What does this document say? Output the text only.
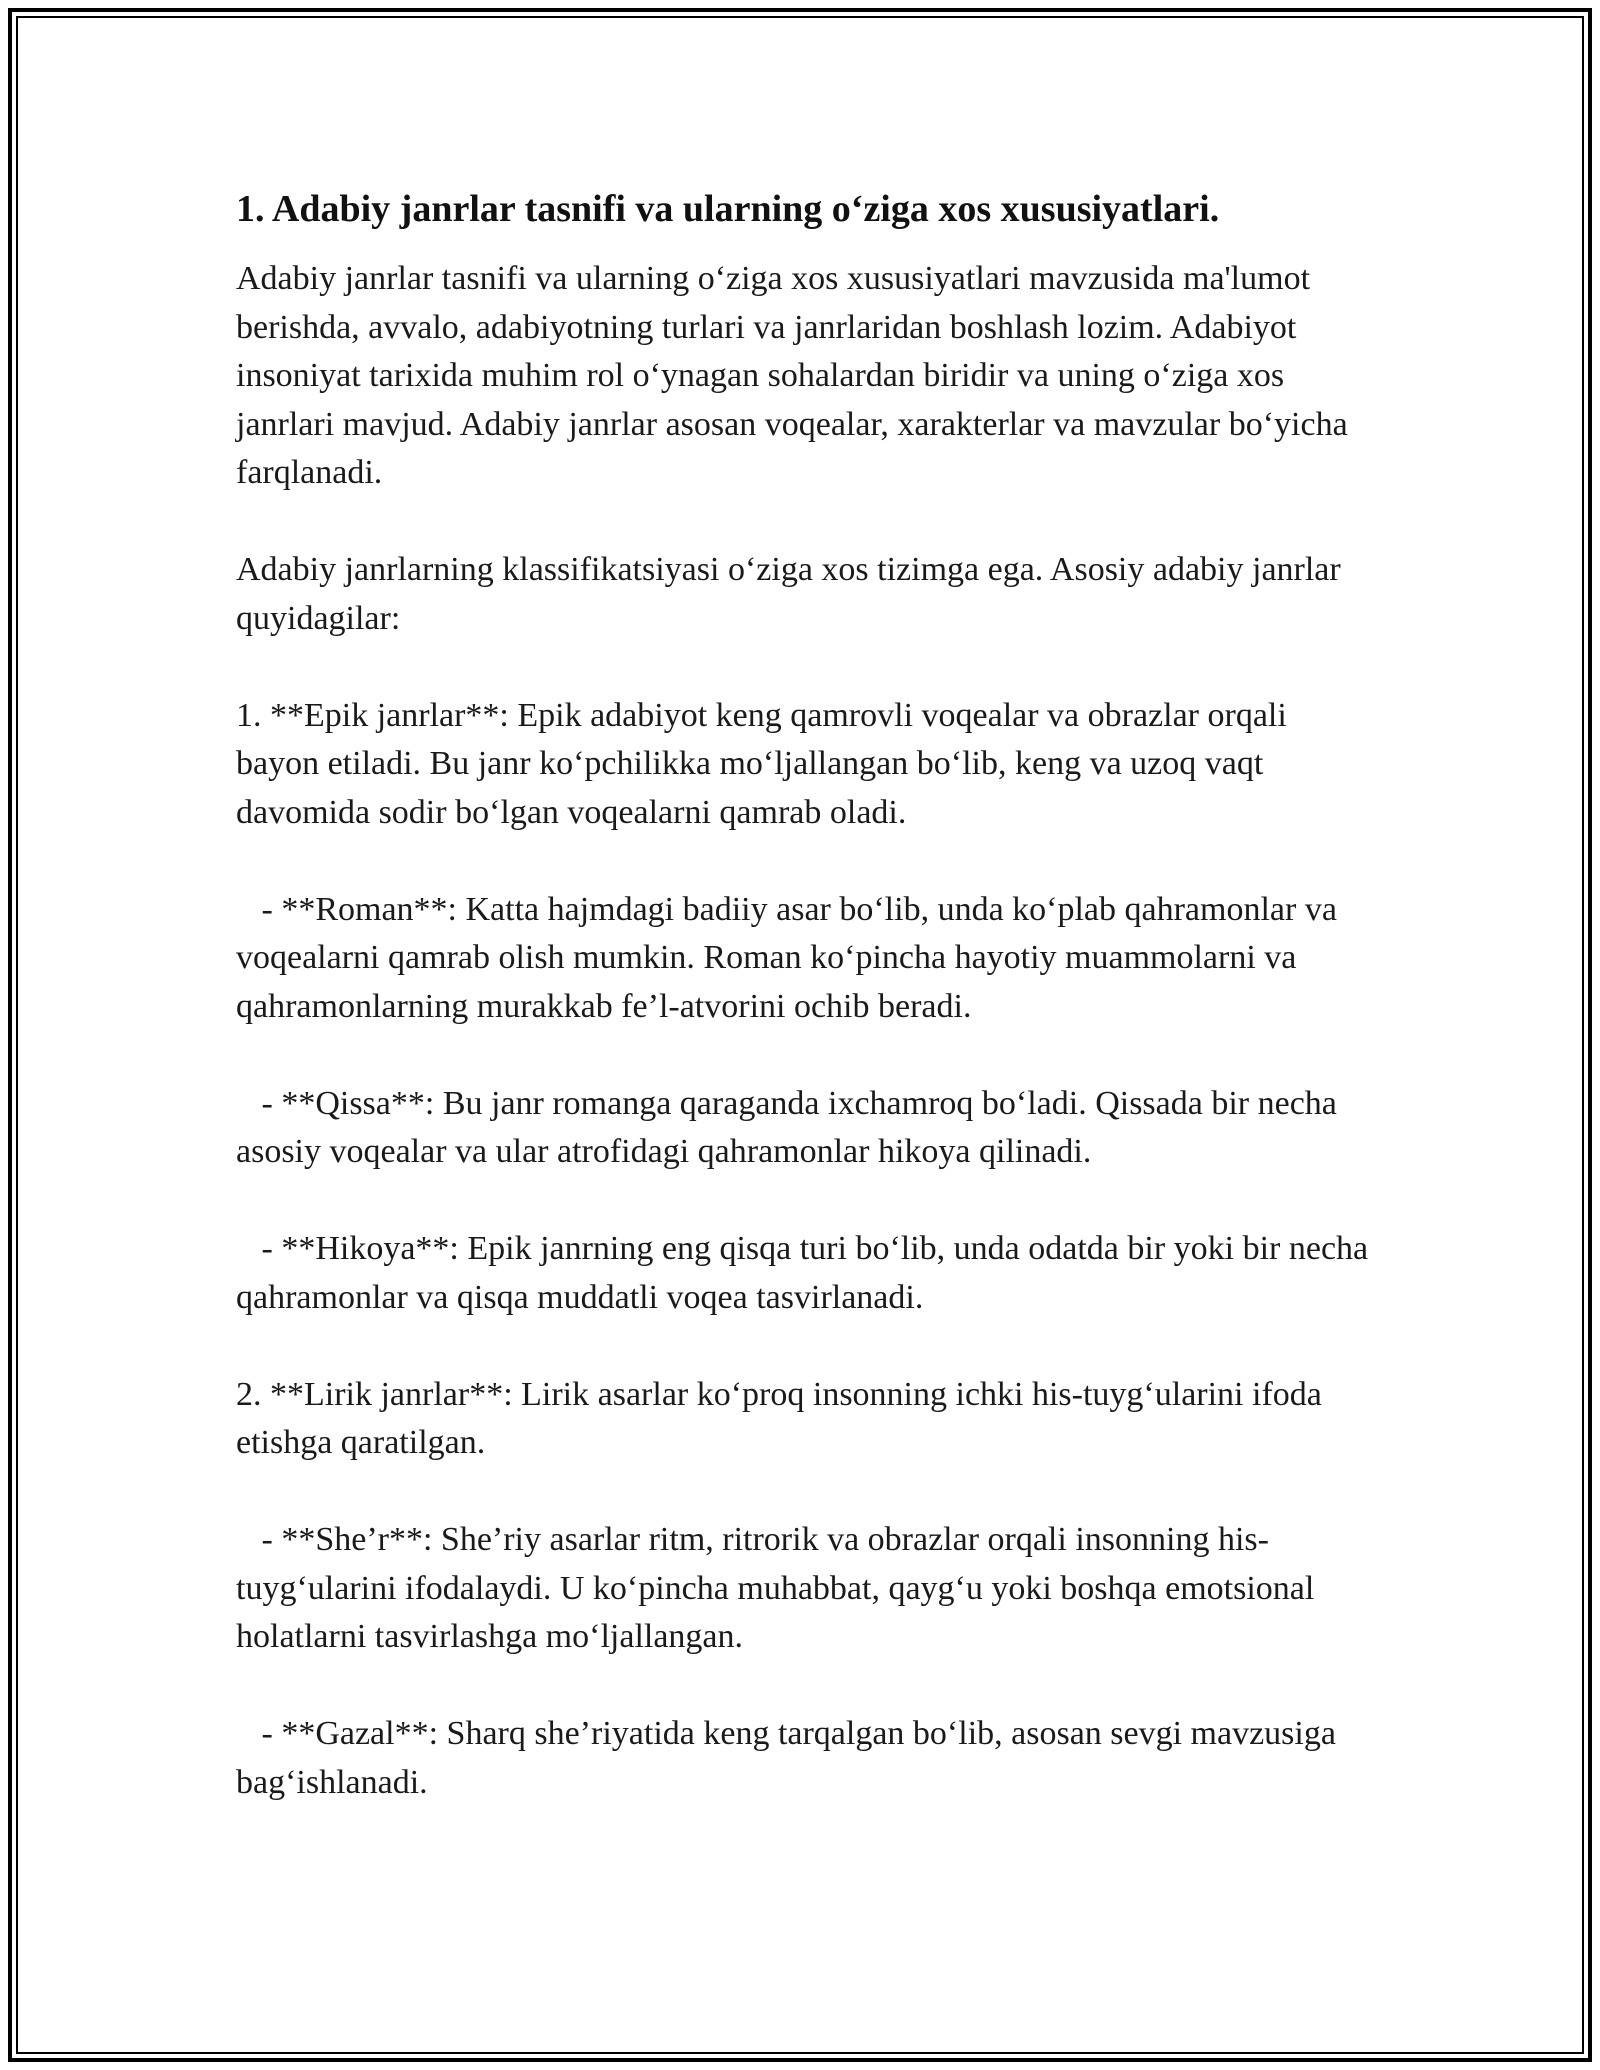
1. Adabiy janrlar tasnifi va ularning o‘ziga xos xususiyatlari.

Adabiy janrlar tasnifi va ularning o‘ziga xos xususiyatlari mavzusida ma'lumot berishda, avvalo, adabiyotning turlari va janrlaridan boshlash lozim. Adabiyot insoniyat tarixida muhim rol o‘ynagan sohalardan biridir va uning o‘ziga xos janrlari mavjud. Adabiy janrlar asosan voqealar, xarakterlar va mavzular bo‘yicha farqlanadi.

Adabiy janrlarning klassifikatsiyasi o‘ziga xos tizimga ega. Asosiy adabiy janrlar quyidagilar:

1. **Epik janrlar**: Epik adabiyot keng qamrovli voqealar va obrazlar orqali bayon etiladi. Bu janr ko‘pchilikka mo‘ljallangan bo‘lib, keng va uzoq vaqt davomida sodir bo‘lgan voqealarni qamrab oladi.

- **Roman**: Katta hajmdagi badiiy asar bo‘lib, unda ko‘plab qahramonlar va voqealarni qamrab olish mumkin. Roman ko‘pincha hayotiy muammolarni va qahramonlarning murakkab fe’l-atvorini ochib beradi.

- **Qissa**: Bu janr romanga qaraganda ixchamroq bo‘ladi. Qissada bir necha asosiy voqealar va ular atrofidagi qahramonlar hikoya qilinadi.

- **Hikoya**: Epik janrning eng qisqa turi bo‘lib, unda odatda bir yoki bir necha qahramonlar va qisqa muddatli voqea tasvirlanadi.

2. **Lirik janrlar**: Lirik asarlar ko‘proq insonning ichki his-tuyg‘ularini ifoda etishga qaratilgan.

- **She’r**: She’riy asarlar ritm, ritrorik va obrazlar orqali insonning his-tuyg‘ularini ifodalaydi. U ko‘pincha muhabbat, qayg‘u yoki boshqa emotsional holatlarni tasvirlashga mo‘ljallangan.

- **Gazal**: Sharq she’riyatida keng tarqalgan bo‘lib, asosan sevgi mavzusiga bag‘ishlanadi.
